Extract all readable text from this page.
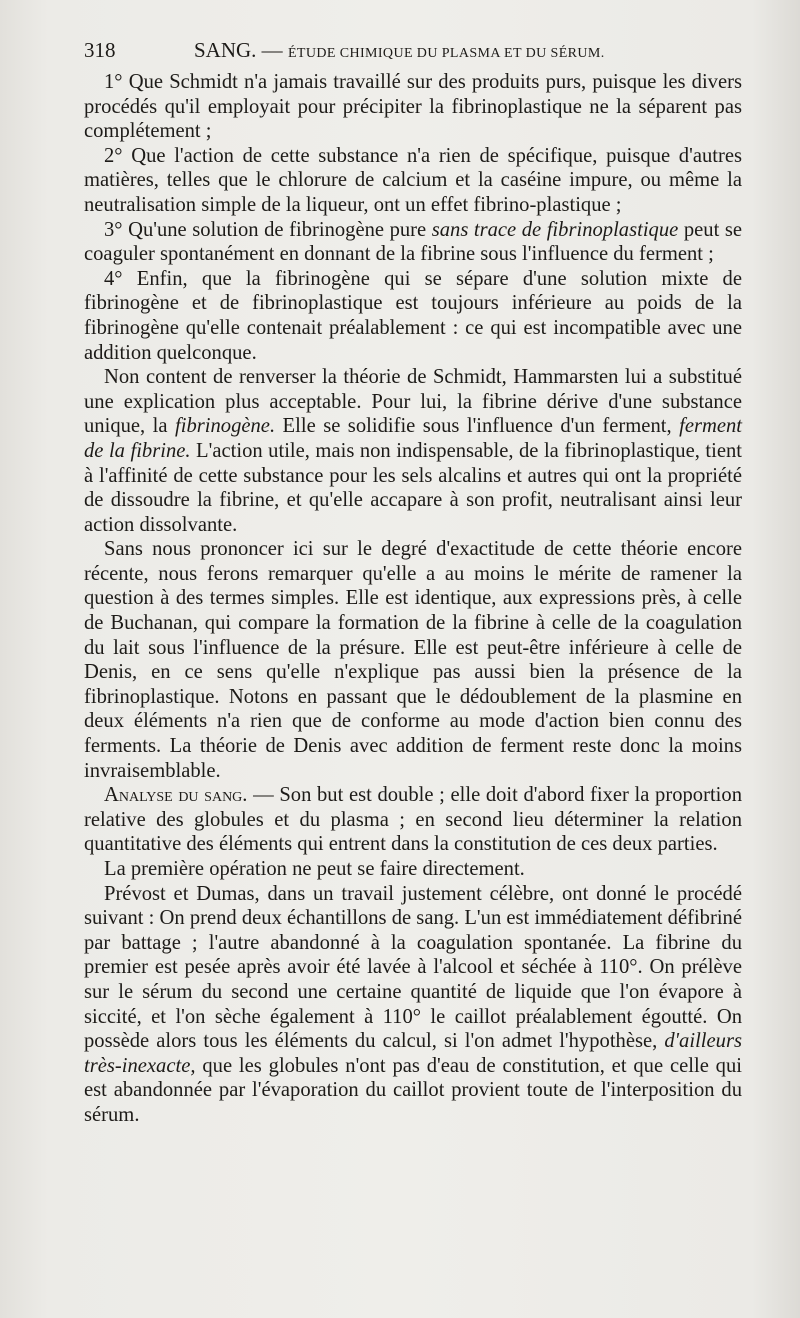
318	SANG. — ÉTUDE CHIMIQUE DU PLASMA ET DU SÉRUM.

1° Que Schmidt n'a jamais travaillé sur des produits purs, puisque les divers procédés qu'il employait pour précipiter la fibrinoplastique ne la séparent pas complétement ;

2° Que l'action de cette substance n'a rien de spécifique, puisque d'autres matières, telles que le chlorure de calcium et la caséine impure, ou même la neutralisation simple de la liqueur, ont un effet fibrino-plastique ;

3° Qu'une solution de fibrinogène pure sans trace de fibrinoplastique peut se coaguler spontanément en donnant de la fibrine sous l'influence du ferment ;

4° Enfin, que la fibrinogène qui se sépare d'une solution mixte de fibrinogène et de fibrinoplastique est toujours inférieure au poids de la fibrinogène qu'elle contenait préalablement : ce qui est incompatible avec une addition quelconque.

Non content de renverser la théorie de Schmidt, Hammarsten lui a substitué une explication plus acceptable. Pour lui, la fibrine dérive d'une substance unique, la fibrinogène. Elle se solidifie sous l'influence d'un ferment, ferment de la fibrine. L'action utile, mais non indispensable, de la fibrinoplastique, tient à l'affinité de cette substance pour les sels alcalins et autres qui ont la propriété de dissoudre la fibrine, et qu'elle accapare à son profit, neutralisant ainsi leur action dissolvante.

Sans nous prononcer ici sur le degré d'exactitude de cette théorie encore récente, nous ferons remarquer qu'elle a au moins le mérite de ramener la question à des termes simples. Elle est identique, aux expressions près, à celle de Buchanan, qui compare la formation de la fibrine à celle de la coagulation du lait sous l'influence de la présure. Elle est peut-être inférieure à celle de Denis, en ce sens qu'elle n'explique pas aussi bien la présence de la fibrinoplastique. Notons en passant que le dédoublement de la plasmine en deux éléments n'a rien que de conforme au mode d'action bien connu des ferments. La théorie de Denis avec addition de ferment reste donc la moins invraisemblable.

Analyse du sang. — Son but est double ; elle doit d'abord fixer la proportion relative des globules et du plasma ; en second lieu déterminer la relation quantitative des éléments qui entrent dans la constitution de ces deux parties.

La première opération ne peut se faire directement.

Prévost et Dumas, dans un travail justement célèbre, ont donné le procédé suivant : On prend deux échantillons de sang. L'un est immédiatement défibriné par battage ; l'autre abandonné à la coagulation spontanée. La fibrine du premier est pesée après avoir été lavée à l'alcool et séchée à 110°. On prélève sur le sérum du second une certaine quantité de liquide que l'on évapore à siccité, et l'on sèche également à 110° le caillot préalablement égoutté. On possède alors tous les éléments du calcul, si l'on admet l'hypothèse, d'ailleurs très-inexacte, que les globules n'ont pas d'eau de constitution, et que celle qui est abandonnée par l'évaporation du caillot provient toute de l'interposition du sérum.
